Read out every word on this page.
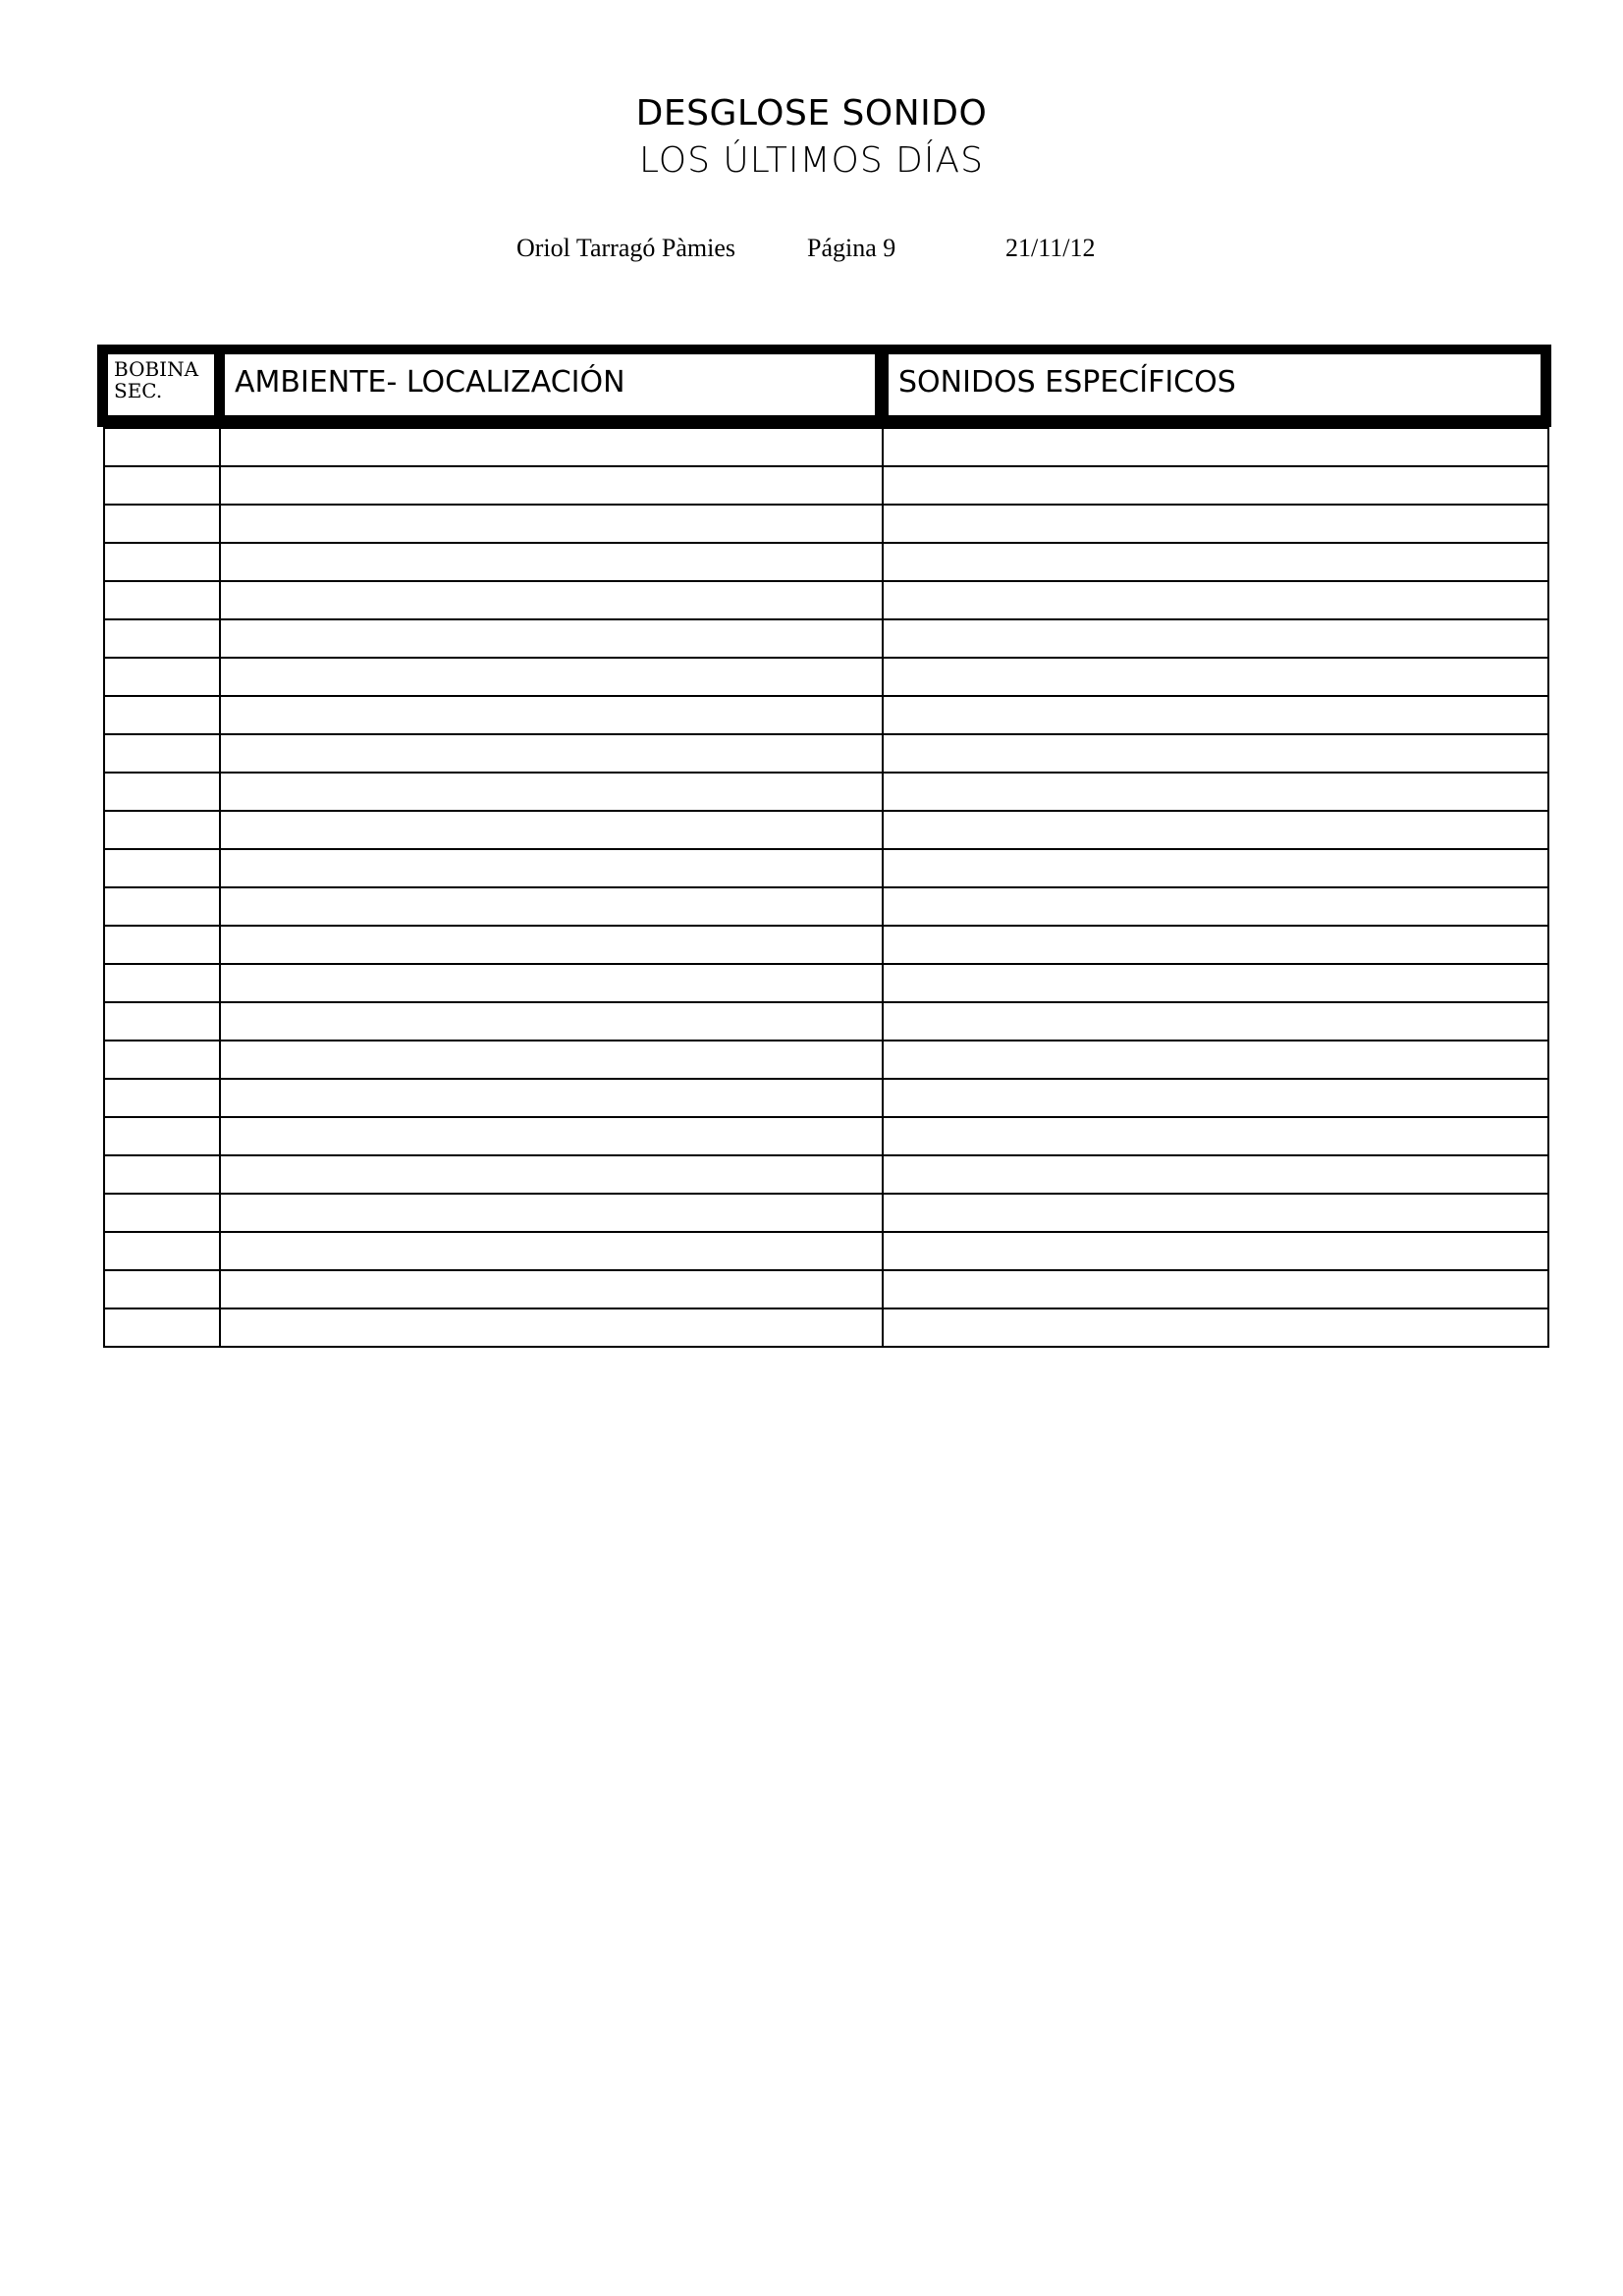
DESGLOSE SONIDO
LOS ÚLTIMOS DÍAS
Oriol Tarragó Pàmies	Página 9	21/11/12
BOBINA
SEC.	AMBIENTE- LOCALIZACIÓN	SONIDOS ESPECÍFICOS
